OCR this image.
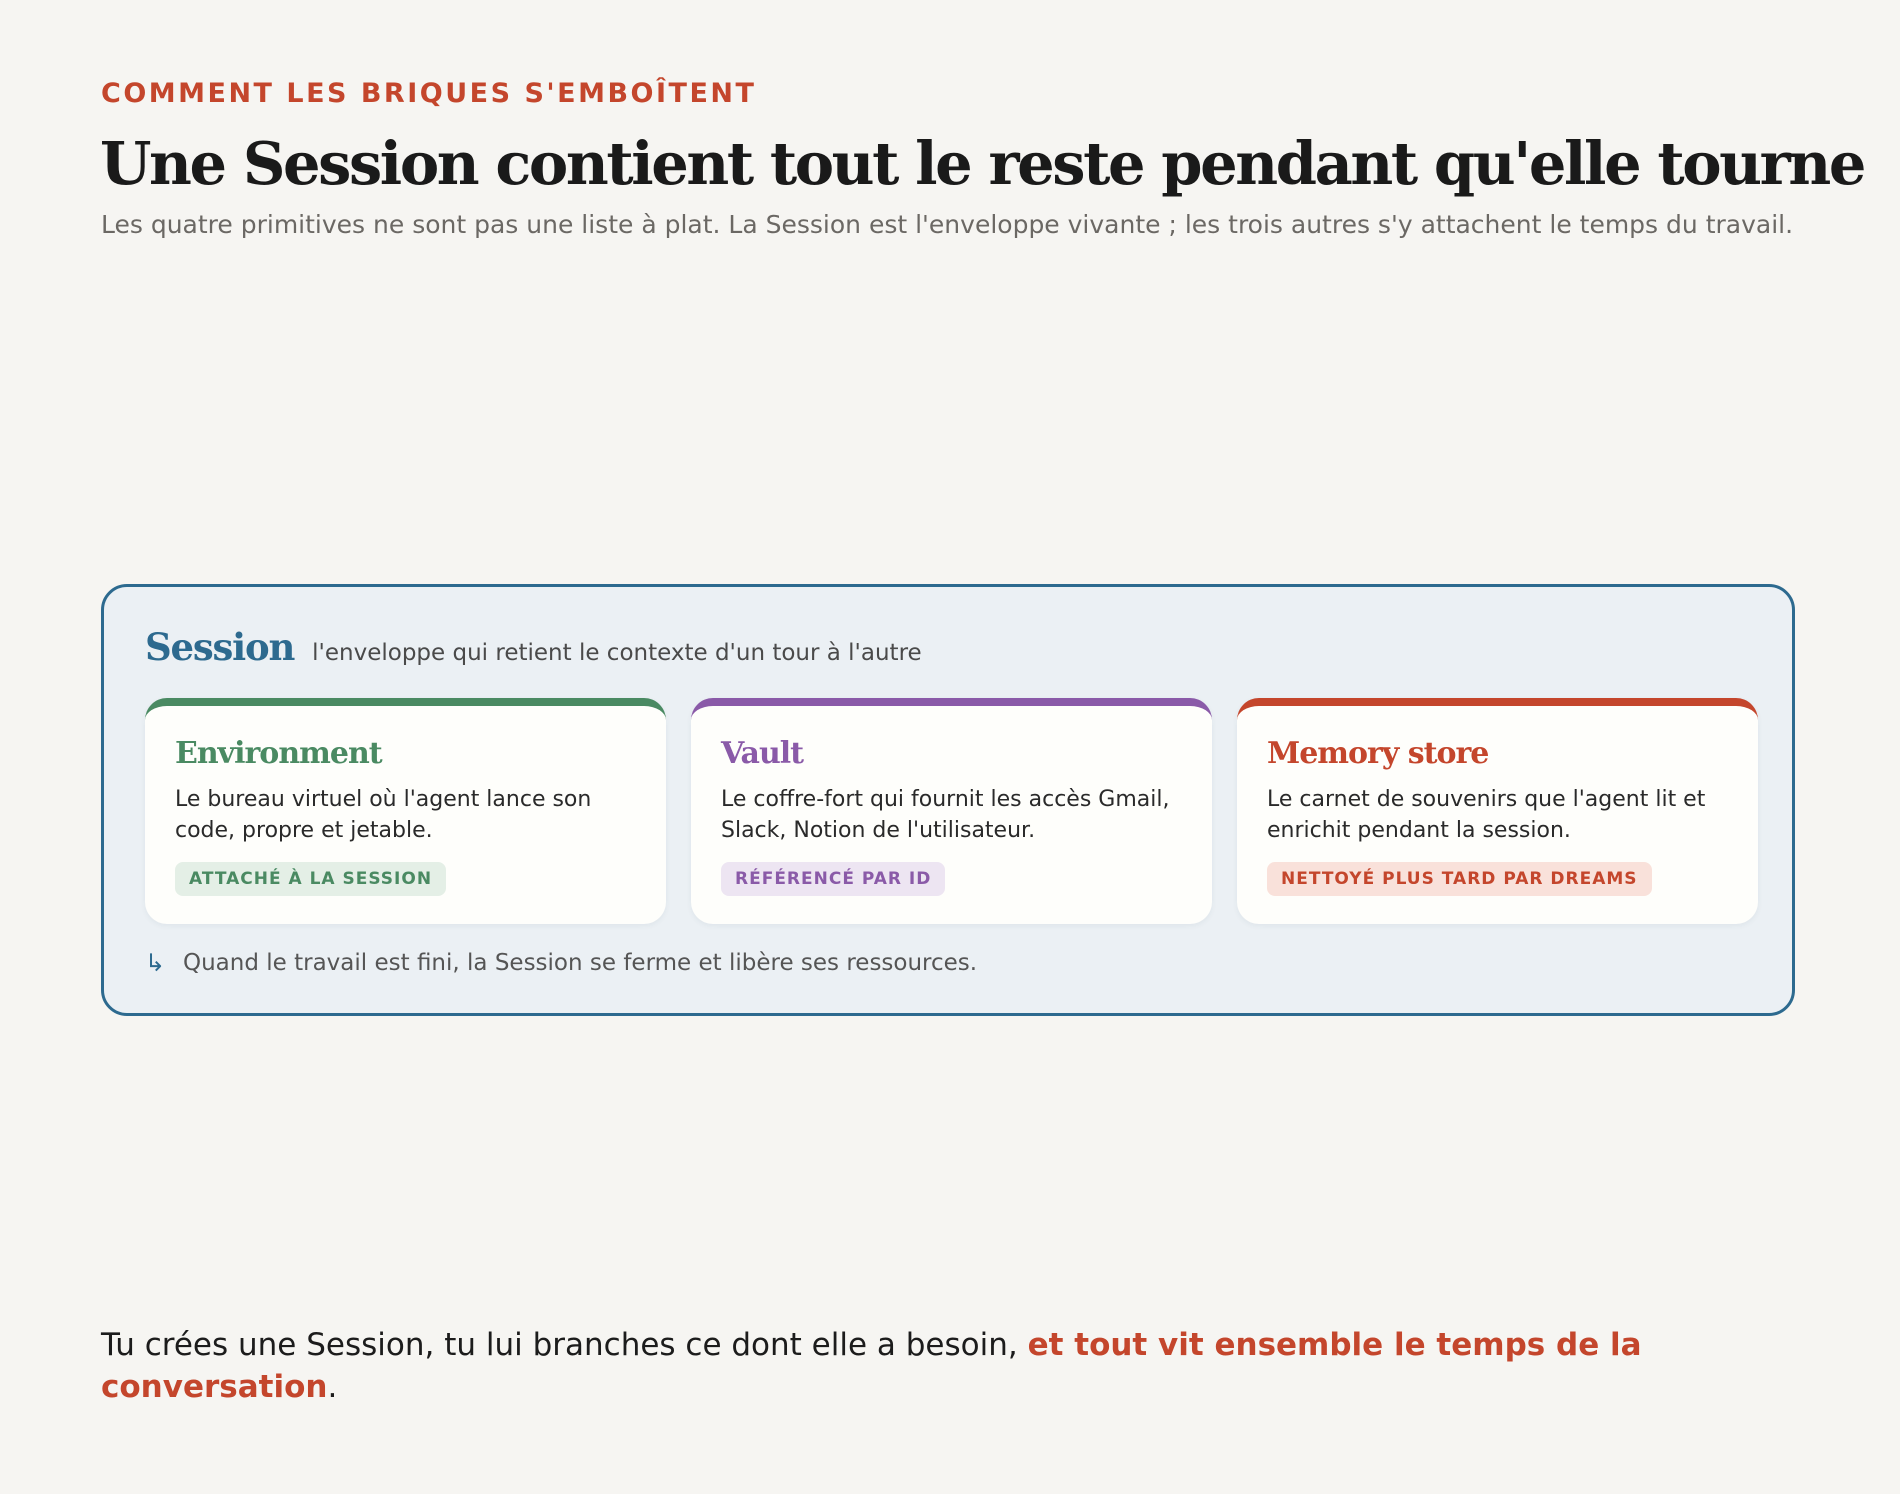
COMMENT LES BRIQUES S'EMBOÎTENT
Une Session contient tout le reste pendant qu'elle tourne

Les quatre primitives ne sont pas une liste à plat. La Session est l'enveloppe vivante ; les trois autres s'y attachent le temps du travail.

Session l'enveloppe qui retient le contexte d'un tour à l'autre
Environment

Le bureau virtuel où l'agent lance son code, propre et jetable.

ATTACHÉ À LA SESSION
Vault

Le coffre-fort qui fournit les accès Gmail, Slack, Notion de l'utilisateur.

RÉFÉRENCÉ PAR ID
Memory store

Le carnet de souvenirs que l'agent lit et enrichit pendant la session.

NETTOYÉ PLUS TARD PAR DREAMS
↳ Quand le travail est fini, la Session se ferme et libère ses ressources.

Tu crées une Session, tu lui branches ce dont elle a besoin, et tout vit ensemble le temps de la conversation.
